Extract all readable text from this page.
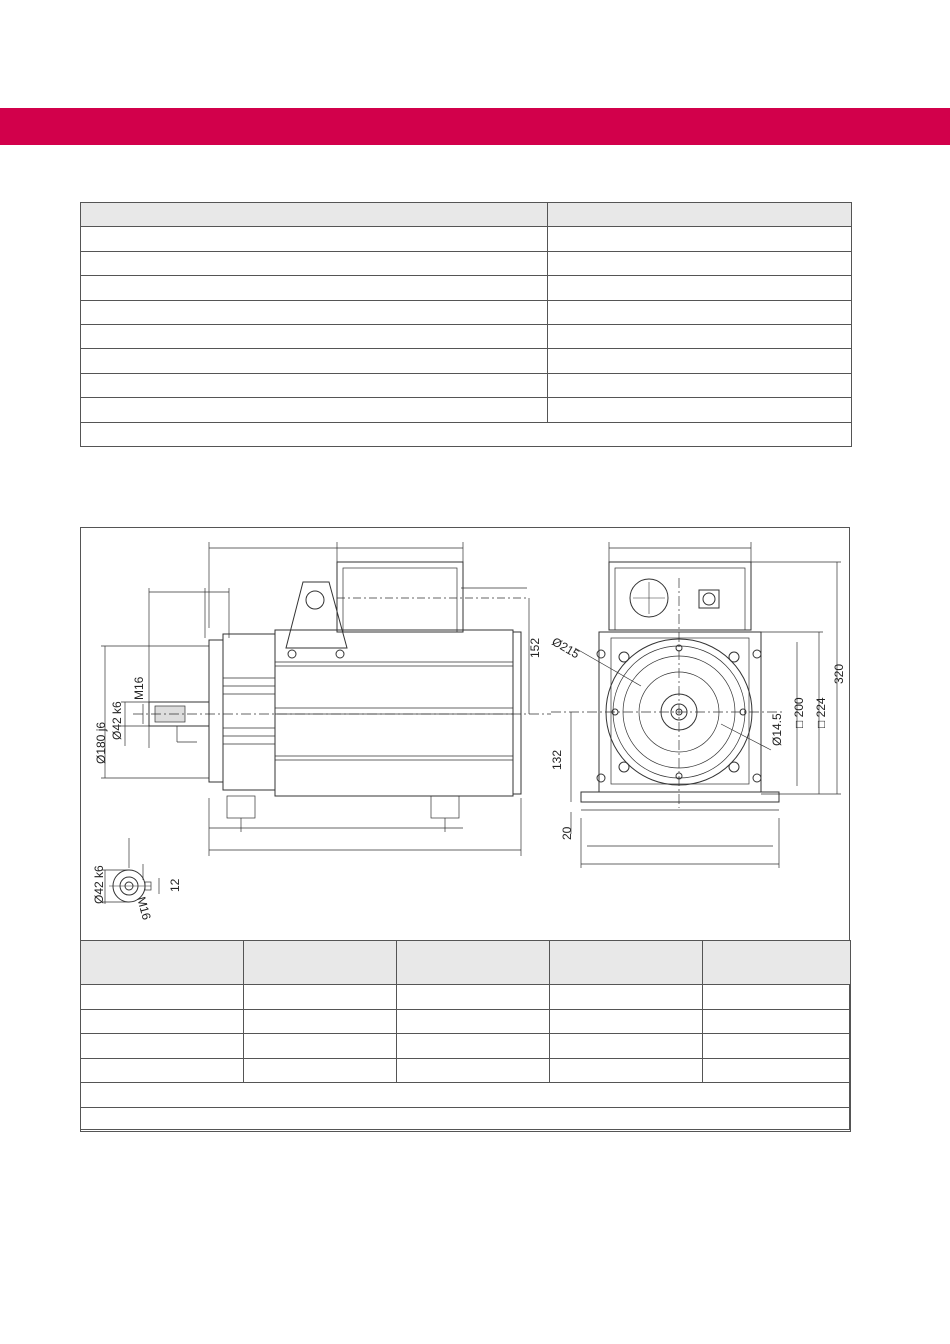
Ø180 j6
Ø42 k6
M16
152 Ø215
Ø14.5
132
20
□ 200 □ 224
320
Ø42 k6	12
M16
